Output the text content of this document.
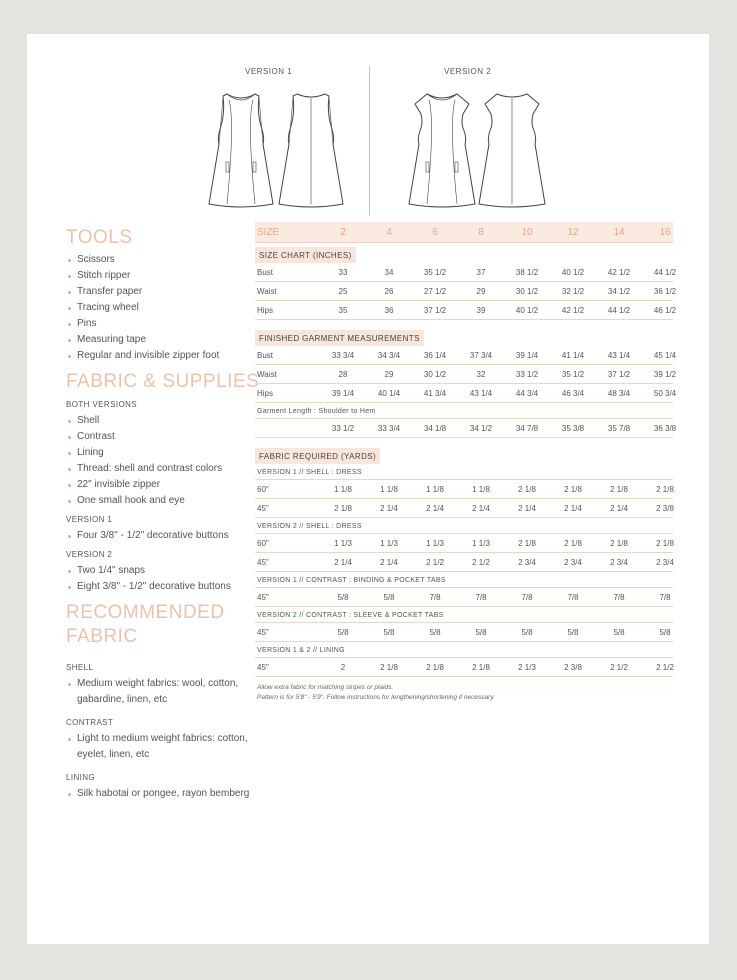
VERSION 1	VERSION 2
TOOLS
Scissors
Stitch ripper
Transfer paper
Tracing wheel
Pins
Measuring tape
Regular and invisible zipper foot
FABRIC & SUPPLIES
BOTH VERSIONS
Shell
Contrast
Lining
Thread: shell and contrast colors
22" invisible zipper
One small hook and eye
VERSION 1
Four 3/8" - 1/2" decorative buttons
VERSION 2
Two 1/4" snaps
Eight 3/8" - 1/2" decorative buttons
RECOMMENDED
FABRIC
SHELL
Medium weight fabrics: wool, cotton, gabardine, linen, etc
CONTRAST
Light to medium weight fabrics: cotton, eyelet, linen, etc
LINING
Silk habotai or pongee, rayon bemberg
SIZE	2	4	6	8	10	12	14	16
SIZE CHART (INCHES)
Bust	33	34	35 1/2	37	38 1/2	40 1/2	42 1/2	44 1/2
Waist	25	26	27 1/2	29	30 1/2	32 1/2	34 1/2	36 1/2
Hips	35	36	37 1/2	39	40 1/2	42 1/2	44 1/2	46 1/2
FINISHED GARMENT MEASUREMENTS
Bust	33 3/4	34 3/4	36 1/4	37 3/4	39 1/4	41 1/4	43 1/4	45 1/4
Waist	28	29	30 1/2	32	33 1/2	35 1/2	37 1/2	39 1/2
Hips	39 1/4	40 1/4	41 3/4	43 1/4	44 3/4	46 3/4	48 3/4	50 3/4
Garment Length : Shoulder to Hem
33 1/2	33 3/4	34 1/8	34 1/2	34 7/8	35 3/8	35 7/8	36 3/8
FABRIC REQUIRED (YARDS)
VERSION 1 // SHELL : DRESS
60"	1 1/8	1 1/8	1 1/8	1 1/8	2 1/8	2 1/8	2 1/8	2 1/8
45"	2 1/8	2 1/4	2 1/4	2 1/4	2 1/4	2 1/4	2 1/4	2 3/8
VERSION 2 // SHELL : DRESS
60"	1 1/3	1 1/3	1 1/3	1 1/3	2 1/8	2 1/8	2 1/8	2 1/8
45"	2 1/4	2 1/4	2 1/2	2 1/2	2 3/4	2 3/4	2 3/4	2 3/4
VERSION 1 // CONTRAST : BINDING & POCKET TABS
45"	5/8	5/8	7/8	7/8	7/8	7/8	7/8	7/8
VERSION 2 // CONTRAST : SLEEVE & POCKET TABS
45"	5/8	5/8	5/8	5/8	5/8	5/8	5/8	5/8
VERSION 1 & 2 // LINING
45"	2	2 1/8	2 1/8	2 1/8	2 1/3	2 3/8	2 1/2	2 1/2
Allow extra fabric for matching stripes or plaids.
Pattern is for 5'8" - 5'9". Follow instructions for lengthening/shortening if necessary.
